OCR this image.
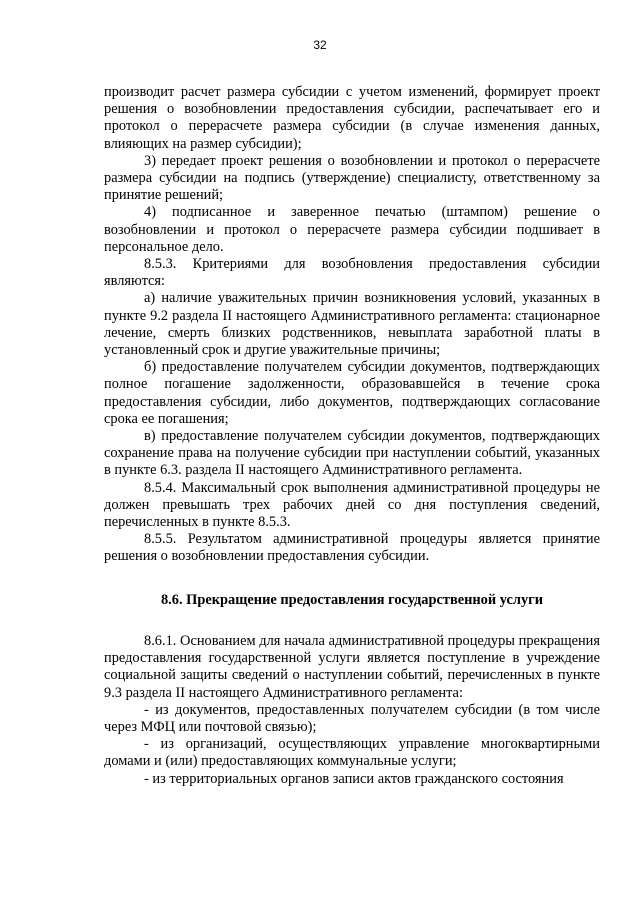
32

производит расчет размера субсидии с учетом изменений, формирует проект решения о возобновлении предоставления субсидии, распечатывает его и протокол о перерасчете размера субсидии (в случае изменения данных, влияющих на размер субсидии);

3) передает проект решения о возобновлении и протокол о перерасчете размера субсидии на подпись (утверждение) специалисту, ответственному за принятие решений;

4) подписанное и заверенное печатью (штампом) решение о возобновлении и протокол о перерасчете размера субсидии подшивает в персональное дело.

8.5.3. Критериями для возобновления предоставления субсидии являются:

а) наличие уважительных причин возникновения условий, указанных в пункте 9.2 раздела II настоящего Административного регламента: стационарное лечение, смерть близких родственников, невыплата заработной платы в установленный срок и другие уважительные причины;

б) предоставление получателем субсидии документов, подтверждающих полное погашение задолженности, образовавшейся в течение срока предоставления субсидии, либо документов, подтверждающих согласование срока ее погашения;

в) предоставление получателем субсидии документов, подтверждающих сохранение права на получение субсидии при наступлении событий, указанных в пункте 6.3. раздела II настоящего Административного регламента.

8.5.4. Максимальный срок выполнения административной процедуры не должен превышать трех рабочих дней со дня поступления сведений, перечисленных в пункте 8.5.3.

8.5.5. Результатом административной процедуры является принятие решения о возобновлении предоставления субсидии.

8.6. Прекращение предоставления государственной услуги

8.6.1. Основанием для начала административной процедуры прекращения предоставления государственной услуги является поступление в учреждение социальной защиты сведений о наступлении событий, перечисленных в пункте 9.3 раздела II настоящего Административного регламента:

- из документов, предоставленных получателем субсидии (в том числе через МФЦ или почтовой связью);

- из организаций, осуществляющих управление многоквартирными домами и (или) предоставляющих коммунальные услуги;

- из территориальных органов записи актов гражданского состояния
